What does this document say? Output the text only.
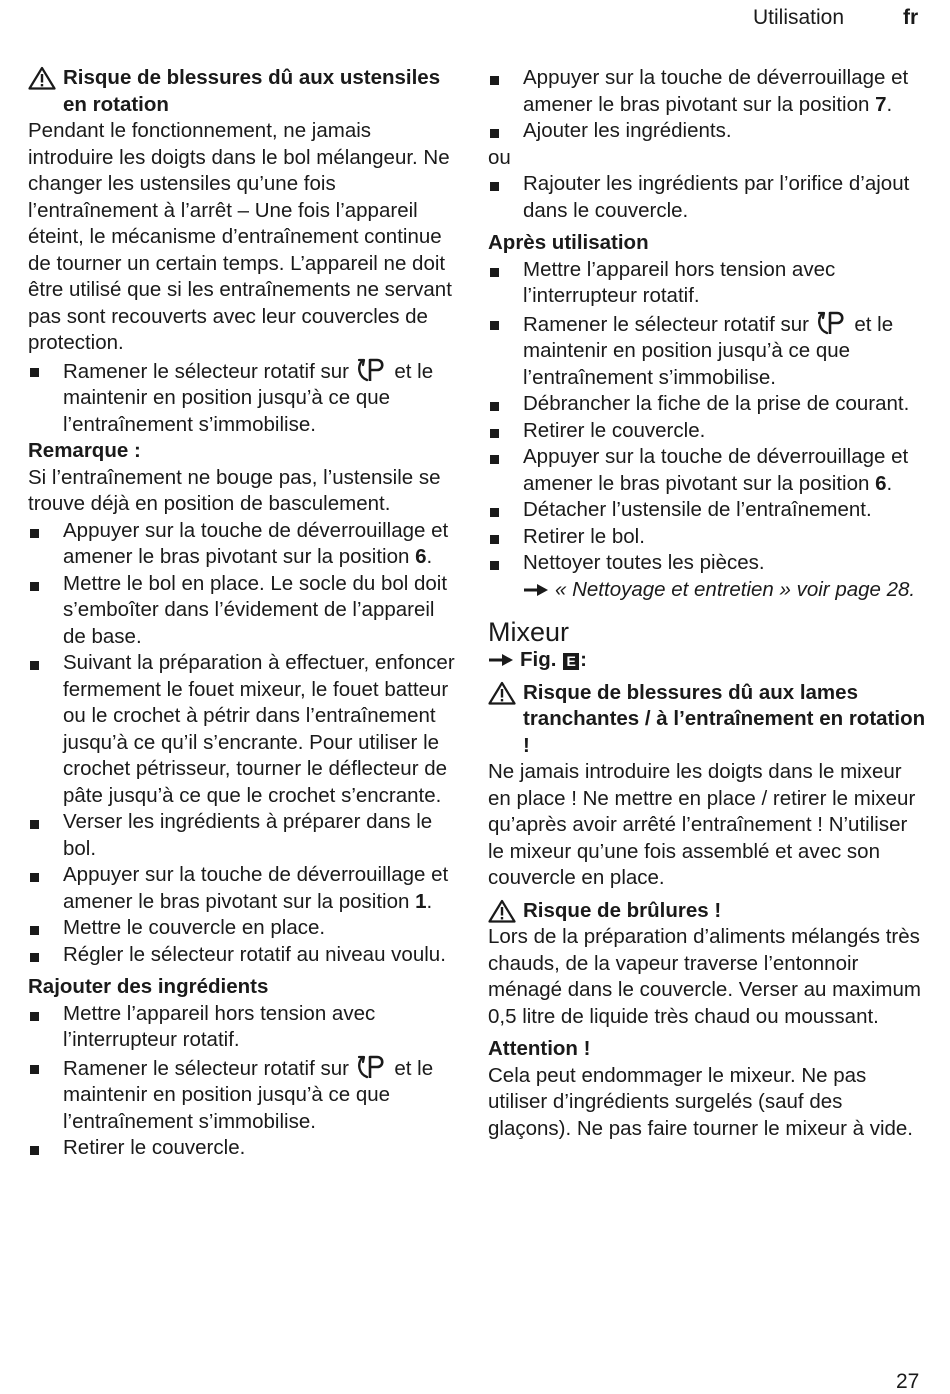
Utilisation	fr

Risque de blessures dû aux ustensiles en rotation

Pendant le fonctionnement, ne jamais introduire les doigts dans le bol mélangeur. Ne changer les ustensiles qu’une fois l’entraînement à l’arrêt – Une fois l’appareil éteint, le mécanisme d’entraînement continue de tourner un certain temps. L’appareil ne doit être utilisé que si les entraînements ne servant pas sont recouverts avec leur couvercles de protection.

Ramener le sélecteur rotatif sur et le maintenir en position jusqu’à ce que l’entraînement s’immobilise.

Remarque :

Si l’entraînement ne bouge pas, l’ustensile se trouve déjà en position de basculement.

Appuyer sur la touche de déverrouillage et amener le bras pivotant sur la position 6.

Mettre le bol en place. Le socle du bol doit s’emboîter dans l’évidement de l’appareil de base.

Suivant la préparation à effectuer, enfoncer fermement le fouet mixeur, le fouet batteur ou le crochet à pétrir dans l’entraînement jusqu’à ce qu’il s’encrante. Pour utiliser le crochet pétrisseur, tourner le déflecteur de pâte jusqu’à ce que le crochet s’encrante.

Verser les ingrédients à préparer dans le bol.

Appuyer sur la touche de déverrouillage et amener le bras pivotant sur la position 1.

Mettre le couvercle en place.

Régler le sélecteur rotatif au niveau voulu.

Rajouter des ingrédients

Mettre l’appareil hors tension avec l’interrupteur rotatif.

Ramener le sélecteur rotatif sur et le maintenir en position jusqu’à ce que l’entraînement s’immobilise.

Retirer le couvercle.

Appuyer sur la touche de déverrouillage et amener le bras pivotant sur la position 7.

Ajouter les ingrédients.

ou

Rajouter les ingrédients par l’orifice d’ajout dans le couvercle.

Après utilisation

Mettre l’appareil hors tension avec l’interrupteur rotatif.

Ramener le sélecteur rotatif sur et le maintenir en position jusqu’à ce que l’entraînement s’immobilise.

Débrancher la fiche de la prise de courant.

Retirer le couvercle.

Appuyer sur la touche de déverrouillage et amener le bras pivotant sur la position 6.

Détacher l’ustensile de l’entraînement.

Retirer le bol.

Nettoyer toutes les pièces.
« Nettoyage et entretien » voir page 28.

Mixeur

Fig. E :

Risque de blessures dû aux lames tranchantes / à l’entraînement en rotation !

Ne jamais introduire les doigts dans le mixeur en place ! Ne mettre en place / retirer le mixeur qu’après avoir arrêté l’entraînement ! N’utiliser le mixeur qu’une fois assemblé et avec son couvercle en place.

Risque de brûlures !

Lors de la préparation d’aliments mélangés très chauds, de la vapeur traverse l’entonnoir ménagé dans le couvercle. Verser au maximum 0,5 litre de liquide très chaud ou moussant.

Attention !

Cela peut endommager le mixeur. Ne pas utiliser d’ingrédients surgelés (sauf des glaçons). Ne pas faire tourner le mixeur à vide.

27
